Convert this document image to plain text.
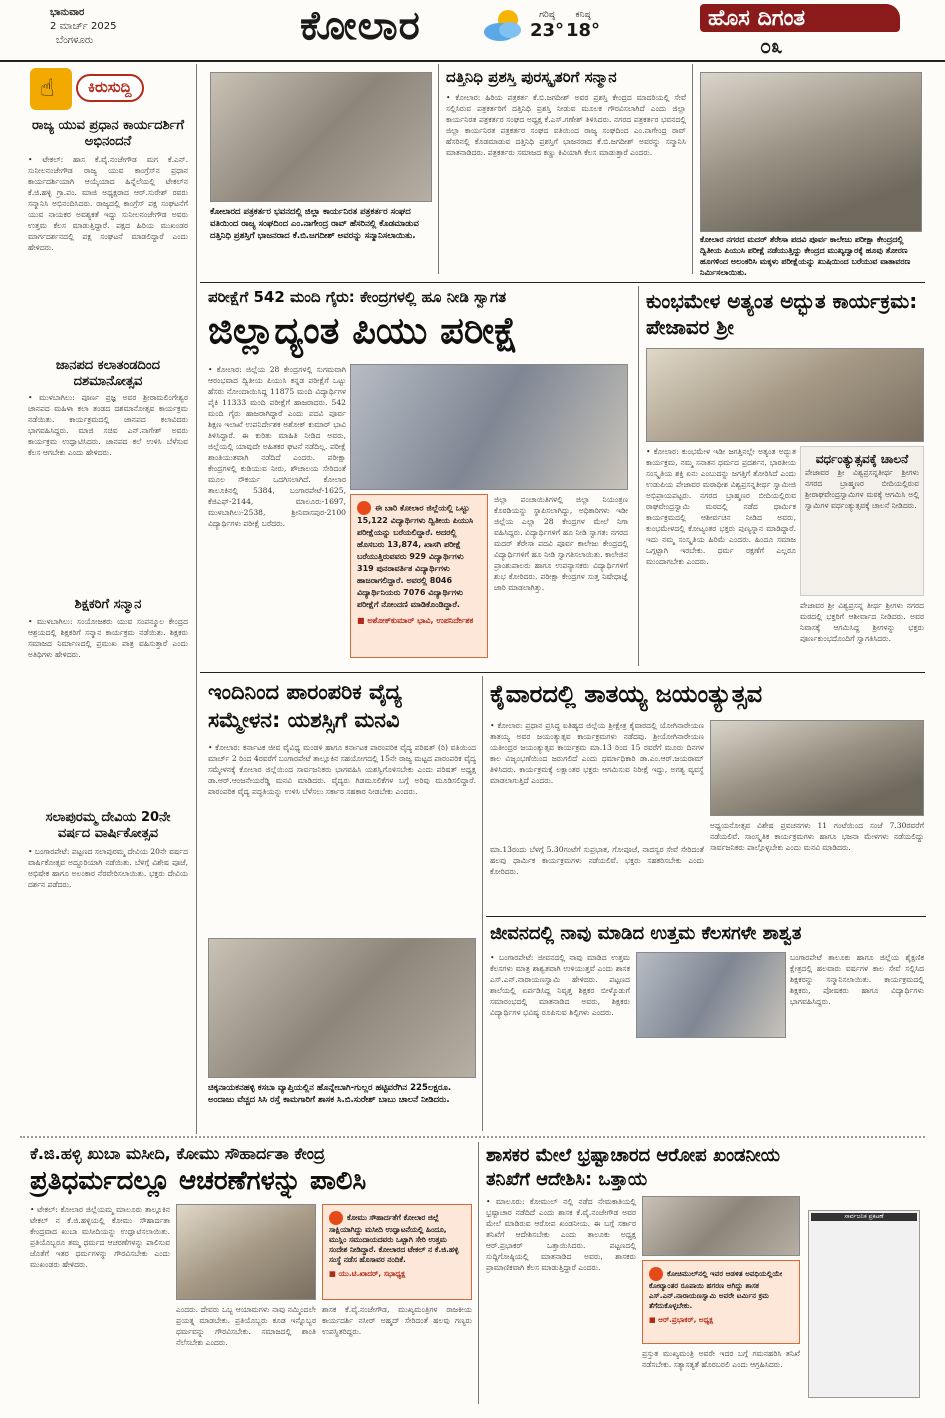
ಭಾನುವಾರ
2 ಮಾರ್ಚ್ 2025
ಬೆಂಗಳೂರು	ಕೋಲಾರ	ಗರಿಷ್ಠ
23°
ಕನಿಷ್ಠ
18°	ಹೊಸ ದಿಗಂತ
೦೩
☝	ಕಿರುಸುದ್ದಿ
ರಾಜ್ಯ ಯುವ ಪ್ರಧಾನ ಕಾರ್ಯದರ್ಶಿಗೆ ಅಭಿನಂದನೆ
• ಟೇಕಲ್: ಹಾಸ ಕೆ.ವೈ.ನಂಜೇಗೌಡ ಮಗ ಕೆ.ಎನ್. ಸುನೀಲನಂಜೇಗೌಡ ರಾಜ್ಯ ಯುವ ಕಾಂಗ್ರೆಸ್‌ನ ಪ್ರಧಾನ ಕಾರ್ಯದರ್ಶಿಯಾಗಿ ಆಯ್ಕೆಯಾದ ಹಿನ್ನೆಲೆಯಲ್ಲಿ ಟೇಕಲ್‌ನ ಕೆ.ಜಿ.ಹಳ್ಳಿ ಗ್ರಾ.ಪಂ. ಮಾಜಿ ಅಧ್ಯಕ್ಷರಾದ ಆರ್.ಸುರೇಶ್ ರವರು ಸನ್ಮಾನಿಸಿ ಅಭಿನಂದಿಸಿದರು. ರಾಜ್ಯದಲ್ಲಿ ಕಾಂಗ್ರೆಸ್ ಪಕ್ಷ ಸಂಘಟನೆಗೆ ಯುವ ನಾಯಕರ ಅವಶ್ಯಕತೆ ಇದ್ದು ಸುನೀಲನಂಜೇಗೌಡ ಅವರು ಉತ್ತಮ ಕೆಲಸ ಮಾಡುತ್ತಿದ್ದಾರೆ. ಪಕ್ಷದ ಹಿರಿಯ ಮುಖಂಡರ ಮಾರ್ಗದರ್ಶನದಲ್ಲಿ ಪಕ್ಷ ಸಂಘಟನೆ ಮಾಡಲಿದ್ದಾರೆ ಎಂದು ಹೇಳಿದರು.
ಜಾನಪದ ಕಲಾತಂಡದಿಂದ ದಶಮಾನೋತ್ಸವ
• ಮುಳಬಾಗಿಲು: ಪೂರ್ಣ ಪ್ರಜ್ಞ ಅವರ ಶ್ರೀರಾಮಲಿಂಗೇಶ್ವರ ಜಾನಪದ ಮಹಿಳಾ ಕಲಾ ತಂಡದ ದಶಮಾನೋತ್ಸವ ಕಾರ್ಯಕ್ರಮ ನಡೆಯಿತು. ಕಾರ್ಯಕ್ರಮದಲ್ಲಿ ಜಾನಪದ ಕಲಾವಿದರು ಭಾಗವಹಿಸಿದ್ದರು. ಮಾಜಿ ಸಚಿವ ಎನ್.ನಾಗೇಶ್ ಅವರು ಕಾರ್ಯಕ್ರಮ ಉದ್ಘಾಟಿಸಿದರು. ಜಾನಪದ ಕಲೆ ಉಳಿಸಿ ಬೆಳೆಸುವ ಕೆಲಸ ಆಗಬೇಕು ಎಂದು ಹೇಳಿದರು.
ಶಿಕ್ಷಕರಿಗೆ ಸನ್ಮಾನ
• ಮುಳಬಾಗಿಲು: ಸಂಯೋಜಕರು ಯುವ ಸಂಪನ್ಮೂಲ ಕೇಂದ್ರದ ಆಶ್ರಯದಲ್ಲಿ ಶಿಕ್ಷಕರಿಗೆ ಸನ್ಮಾನ ಕಾರ್ಯಕ್ರಮ ನಡೆಯಿತು. ಶಿಕ್ಷಕರು ಸಮಾಜದ ನಿರ್ಮಾಣದಲ್ಲಿ ಪ್ರಮುಖ ಪಾತ್ರ ವಹಿಸುತ್ತಾರೆ ಎಂದು ಅತಿಥಿಗಳು ಹೇಳಿದರು.
ಸಲಾಪುರಮ್ಮ ದೇವಿಯ 20ನೇ ವರ್ಷದ ವಾರ್ಷಿಕೋತ್ಸವ
• ಬಂಗಾರಪೇಟೆ: ಪಟ್ಟಣದ ಸಲಾಪುರಮ್ಮ ದೇವಿಯ 20ನೇ ವರ್ಷದ ವಾರ್ಷಿಕೋತ್ಸವ ಅದ್ದೂರಿಯಾಗಿ ನಡೆಯಿತು. ಬೆಳಿಗ್ಗೆ ವಿಶೇಷ ಪೂಜೆ, ಅಭಿಷೇಕ ಹಾಗೂ ಅಲಂಕಾರ ನೆರವೇರಿಸಲಾಯಿತು. ಭಕ್ತರು ದೇವಿಯ ದರ್ಶನ ಪಡೆದರು.
ಕೋಲಾರದ ಪತ್ರಕರ್ತರ ಭವನದಲ್ಲಿ ಜಿಲ್ಲಾ ಕಾರ್ಯನಿರತ ಪತ್ರಕರ್ತರ ಸಂಘದ ವತಿಯಿಂದ ರಾಜ್ಯ ಸಂಘದಿಂದ ಎಂ.ನಾಗೇಂದ್ರ ರಾವ್ ಹೆಸರಿನಲ್ಲಿ ಕೊಡಮಾಡುವ ದತ್ತಿನಿಧಿ ಪ್ರಶಸ್ತಿಗೆ ಭಾಜನರಾದ ಕೆ.ಬಿ.ಜಗದೀಶ್ ಅವರನ್ನು ಸನ್ಮಾನಿಸಲಾಯಿತು.
ದತ್ತಿನಿಧಿ ಪ್ರಶಸ್ತಿ ಪುರಸ್ಕೃತರಿಗೆ ಸನ್ಮಾನ
• ಕೋಲಾರ: ಹಿರಿಯ ಪತ್ರಕರ್ತ ಕೆ.ಬಿ.ಜಗದೀಶ್ ಅವರ ಪ್ರಶಸ್ತಿ ಕೇಂದ್ರದ ಮಾದರಿಯಲ್ಲಿ ಸೇವೆ ಸಲ್ಲಿಸಿರುವ ಪತ್ರಕರ್ತರಿಗೆ ದತ್ತಿನಿಧಿ ಪ್ರಶಸ್ತಿ ನೀಡುವ ಮೂಲಕ ಗೌರವಿಸಲಾಗಿದೆ ಎಂದು ಜಿಲ್ಲಾ ಕಾರ್ಯನಿರತ ಪತ್ರಕರ್ತರ ಸಂಘದ ಅಧ್ಯಕ್ಷ ಕೆ.ಎಸ್.ಗಣೇಶ್ ತಿಳಿಸಿದರು. ನಗರದ ಪತ್ರಕರ್ತರ ಭವನದಲ್ಲಿ ಜಿಲ್ಲಾ ಕಾರ್ಯನಿರತ ಪತ್ರಕರ್ತರ ಸಂಘದ ವತಿಯಿಂದ ರಾಜ್ಯ ಸಂಘದಿಂದ ಎಂ.ನಾಗೇಂದ್ರ ರಾವ್ ಹೆಸರಿನಲ್ಲಿ ಕೊಡಮಾಡುವ ದತ್ತಿನಿಧಿ ಪ್ರಶಸ್ತಿಗೆ ಭಾಜನರಾದ ಕೆ.ಬಿ.ಜಗದೀಶ್ ಅವರನ್ನು ಸನ್ಮಾನಿಸಿ ಮಾತನಾಡಿದರು. ಪತ್ರಕರ್ತರು ಸಮಾಜದ ಕಣ್ಣು ಕಿವಿಯಾಗಿ ಕೆಲಸ ಮಾಡುತ್ತಾರೆ ಎಂದರು.
ಕೋಲಾರ ನಗರದ ಮದರ್ ತೆರೇಸಾ ಪದವಿ ಪೂರ್ವ ಕಾಲೇಜು ಪರೀಕ್ಷಾ ಕೇಂದ್ರದಲ್ಲಿ ದ್ವಿತೀಯ ಪಿಯುಸಿ ಪರೀಕ್ಷೆ ನಡೆಯುತ್ತಿದ್ದು ಕೇಂದ್ರದ ಮುಖ್ಯದ್ವಾರಕ್ಕೆ ಹೂವು ತೋರಣ ಹೂಗಳಿಂದ ಅಲಂಕರಿಸಿ ಮಕ್ಕಳು ಪರೀಕ್ಷೆಯನ್ನು ಖುಷಿಯಿಂದ ಬರೆಯುವ ವಾತಾವರಣ ನಿರ್ಮಿಸಲಾಯಿತು.
ಪರೀಕ್ಷೆಗೆ 542 ಮಂದಿ ಗೈರು: ಕೇಂದ್ರಗಳಲ್ಲಿ ಹೂ ನೀಡಿ ಸ್ವಾಗತ
ಜಿಲ್ಲಾದ್ಯಂತ ಪಿಯು ಪರೀಕ್ಷೆ
• ಕೋಲಾರ: ಜಿಲ್ಲೆಯ 28 ಕೇಂದ್ರಗಳಲ್ಲಿ ಸುಗಮವಾಗಿ ಆರಂಭವಾದ ದ್ವಿತೀಯ ಪಿಯುಸಿ ಕನ್ನಡ ಪರೀಕ್ಷೆಗೆ ಒಟ್ಟು ಹೆಸರು ನೋಂದಾಯಿಸಿದ್ದ 11875 ಮಂದಿ ವಿದ್ಯಾರ್ಥಿಗಳ ಪೈಕಿ 11333 ಮಂದಿ ಪರೀಕ್ಷೆಗೆ ಹಾಜರಾದರು. 542 ಮಂದಿ ಗೈರು ಹಾಜರಾಗಿದ್ದಾರೆ ಎಂದು ಪದವಿ ಪೂರ್ವ ಶಿಕ್ಷಣ ಇಲಾಖೆ ಉಪನಿರ್ದೇಶಕ ಅಶೋಕ್ ಕುಮಾರ್ ಭಾವಿ ತಿಳಿಸಿದ್ದಾರೆ. ಈ ಕುರಿತು ಮಾಹಿತಿ ನೀಡಿದ ಅವರು, ಜಿಲ್ಲೆಯಲ್ಲಿ ಯಾವುದೇ ಅಹಿತಕರ ಘಟನೆ ನಡೆದಿಲ್ಲ. ಪರೀಕ್ಷೆ ಶಾಂತಿಯುತವಾಗಿ ನಡೆದಿದೆ ಎಂದರು. ಪರೀಕ್ಷಾ ಕೇಂದ್ರಗಳಲ್ಲಿ ಕುಡಿಯುವ ನೀರು, ಶೌಚಾಲಯ ಸೇರಿದಂತೆ ಮೂಲ ಸೌಕರ್ಯ ಒದಗಿಸಲಾಗಿದೆ. ಕೋಲಾರ ತಾಲೂಕಿನಲ್ಲಿ 5384, ಬಂಗಾರಪೇಟೆ-1625, ಕೆಜಿಎಫ್-2144, ಮಾಲೂರು-1697, ಮುಳಬಾಗಿಲು-2538, ಶ್ರೀನಿವಾಸಪುರ-2100 ವಿದ್ಯಾರ್ಥಿಗಳು ಪರೀಕ್ಷೆ ಬರೆದರು.
ಈ ಬಾರಿ ಕೋಲಾರ ಜಿಲ್ಲೆಯಲ್ಲಿ ಒಟ್ಟು 15,122 ವಿದ್ಯಾರ್ಥಿಗಳು ದ್ವಿತೀಯ ಪಿಯುಸಿ ಪರೀಕ್ಷೆಯನ್ನು ಬರೆಯಲಿದ್ದಾರೆ. ಅದರಲ್ಲಿ ಹೊಸಬರು 13,874, ಖಾಸಗಿ ಪರೀಕ್ಷೆ ಬರೆಯುತ್ತಿರುವವರು 929 ವಿದ್ಯಾರ್ಥಿಗಳು 319 ಪುನರಾವರ್ತಿತ ವಿದ್ಯಾರ್ಥಿಗಳು ಹಾಜರಾಗಲಿದ್ದಾರೆ. ಅವರಲ್ಲಿ 8046 ವಿದ್ಯಾರ್ಥಿನಿಯರು 7076 ವಿದ್ಯಾರ್ಥಿಗಳು ಪರೀಕ್ಷೆಗೆ ನೋಂದಣಿ ಮಾಡಿಕೊಂಡಿದ್ದಾರೆ.
■ ಅಶೋಕ್‌ಕುಮಾರ್ ಭಾವಿ, ಉಪನಿರ್ದೇಶಕ
ಜಿಲ್ಲಾ ಪಂಚಾಯಿತಿಗಳಲ್ಲಿ ಜಿಲ್ಲಾ ನಿಯಂತ್ರಣ ಕೊಠಡಿಯನ್ನು ಸ್ಥಾಪಿಸಲಾಗಿದ್ದು, ಅಧಿಕಾರಿಗಳು ಇಡೀ ಜಿಲ್ಲೆಯ ಎಲ್ಲಾ 28 ಕೇಂದ್ರಗಳ ಮೇಲೆ ನಿಗಾ ವಹಿಸಿದ್ದರು. ವಿದ್ಯಾರ್ಥಿಗಳಿಗೆ ಹೂ ನೀಡಿ ಸ್ವಾಗತ: ನಗರದ ಮದರ್ ತೆರೇಸಾ ಪದವಿ ಪೂರ್ವ ಕಾಲೇಜು ಕೇಂದ್ರದಲ್ಲಿ ವಿದ್ಯಾರ್ಥಿಗಳಿಗೆ ಹೂ ನೀಡಿ ಸ್ವಾಗತಿಸಲಾಯಿತು. ಕಾಲೇಜಿನ ಪ್ರಾಂಶುಪಾಲರು ಹಾಗೂ ಉಪನ್ಯಾಸಕರು ವಿದ್ಯಾರ್ಥಿಗಳಿಗೆ ಶುಭ ಕೋರಿದರು. ಪರೀಕ್ಷಾ ಕೇಂದ್ರಗಳ ಸುತ್ತ ನಿಷೇಧಾಜ್ಞೆ ಜಾರಿ ಮಾಡಲಾಗಿತ್ತು.
ಕುಂಭಮೇಳ ಅತ್ಯಂತ ಅದ್ಭುತ ಕಾರ್ಯಕ್ರಮ: ಪೇಜಾವರ ಶ್ರೀ
• ಕೋಲಾರ: ಕುಂಭಮೇಳ ಇಡೀ ಜಗತ್ತಿನಲ್ಲೇ ಅತ್ಯಂತ ಅದ್ಭುತ ಕಾರ್ಯಕ್ರಮ, ನಮ್ಮ ಸನಾತನ ಧರ್ಮದ ಪ್ರದರ್ಶನ, ಭಾರತೀಯ ಸಂಸ್ಕೃತಿಯ ಶಕ್ತಿ ಏನು ಎಂಬುದನ್ನು ಜಗತ್ತಿಗೆ ತೋರಿಸಿದೆ ಎಂದು ಉಡುಪಿಯ ಪೇಜಾವರ ಮಠಾಧೀಶ ವಿಶ್ವಪ್ರಸನ್ನತೀರ್ಥ ಸ್ವಾಮೀಜಿ ಅಭಿಪ್ರಾಯಪಟ್ಟರು. ನಗರದ ಬ್ರಾಹ್ಮಣರ ಬೀದಿಯಲ್ಲಿರುವ ರಾಘವೇಂದ್ರಸ್ವಾಮಿ ಮಠದಲ್ಲಿ ನಡೆದ ಧಾರ್ಮಿಕ ಕಾರ್ಯಕ್ರಮದಲ್ಲಿ ಆಶೀರ್ವಚನ ನೀಡಿದ ಅವರು, ಕುಂಭಮೇಳದಲ್ಲಿ ಕೋಟ್ಯಂತರ ಭಕ್ತರು ಪುಣ್ಯಸ್ನಾನ ಮಾಡಿದ್ದಾರೆ. ಇದು ನಮ್ಮ ಸಂಸ್ಕೃತಿಯ ಹಿರಿಮೆ ಎಂದರು. ಹಿಂದೂ ಸಮಾಜ ಒಗ್ಗಟ್ಟಾಗಿ ಇರಬೇಕು. ಧರ್ಮ ರಕ್ಷಣೆಗೆ ಎಲ್ಲರೂ ಮುಂದಾಗಬೇಕು ಎಂದರು.
ವರ್ಧಂತ್ಯುತ್ಸವಕ್ಕೆ ಚಾಲನೆ
ಪೇಜಾವರ ಶ್ರೀ ವಿಶ್ವಪ್ರಸನ್ನತೀರ್ಥ ಶ್ರೀಗಳು ನಗರದ ಬ್ರಾಹ್ಮಣರ ಬೀದಿಯಲ್ಲಿರುವ ಶ್ರೀರಾಘವೇಂದ್ರಸ್ವಾಮಿಗಳ ಮಠಕ್ಕೆ ಆಗಮಿಸಿ ಅಲ್ಲಿ ಸ್ವಾಮಿಗಳ ವರ್ಧಂತ್ಯುತ್ಸವಕ್ಕೆ ಚಾಲನೆ ನೀಡಿದರು.
ಪೇಜಾವರ ಶ್ರೀ ವಿಶ್ವಪ್ರಸನ್ನ ತೀರ್ಥ ಶ್ರೀಗಳು ನಗರದ ಮಠದಲ್ಲಿ ಭಕ್ತರಿಗೆ ಆಶೀರ್ವಾದ ನೀಡಿದರು. ಅವರ ನಿವಾಸಕ್ಕೆ ಆಗಮಿಸಿದ್ದ ಶ್ರೀಗಳನ್ನು ಭಕ್ತರು ಪೂರ್ಣಕುಂಭದೊಂದಿಗೆ ಸ್ವಾಗತಿಸಿದರು.
ಇಂದಿನಿಂದ ಪಾರಂಪರಿಕ ವೈದ್ಯ ಸಮ್ಮೇಳನ: ಯಶಸ್ಸಿಗೆ ಮನವಿ
• ಕೋಲಾರ: ಕರ್ನಾಟಕ ಜೀವ ವೈವಿಧ್ಯ ಮಂಡಳಿ ಹಾಗೂ ಕರ್ನಾಟಕ ಪಾರಂಪರಿಕ ವೈದ್ಯ ಪರಿಷತ್ (ರಿ) ವತಿಯಿಂದ ಮಾರ್ಚ್ 2 ರಿಂದ 4ರವರೆಗೆ ಬಂಗಾರಪೇಟೆ ತಾಲ್ಲೂಕಿನ ಸಹಯೋಗದಲ್ಲಿ 15ನೇ ರಾಜ್ಯ ಮಟ್ಟದ ಪಾರಂಪರಿಕ ವೈದ್ಯ ಸಮ್ಮೇಳನಕ್ಕೆ ಕೋಲಾರ ಜಿಲ್ಲೆಯಿಂದ ಸಾರ್ವಜನಿಕರು ಭಾಗವಹಿಸಿ ಯಶಸ್ವಿಗೊಳಿಸಬೇಕು ಎಂದು ಪರಿಷತ್ ಅಧ್ಯಕ್ಷ ಡಾ.ಆರ್.ಆಂಜನೇಯರೆಡ್ಡಿ ಮನವಿ ಮಾಡಿದರು. ವೈದ್ಯರು ಗಿಡಮೂಲಿಕೆಗಳ ಬಗ್ಗೆ ಅರಿವು ಮೂಡಿಸಲಿದ್ದಾರೆ. ಪಾರಂಪರಿಕ ವೈದ್ಯ ಪದ್ಧತಿಯನ್ನು ಉಳಿಸಿ ಬೆಳೆಸಲು ಸರ್ಕಾರ ಸಹಕಾರ ನೀಡಬೇಕು ಎಂದರು.
ಚಿಕ್ಕನಾಯಕನಹಳ್ಳಿ ಕಸಬಾ ವ್ಯಾಪ್ತಿಯಲ್ಲಿನ ಹೊನ್ನೇಬಾಗಿ-ಗುಲ್ಲರ ಹಟ್ಟಿವರೆಗಿನ 225ಲಕ್ಷರೂ. ಅಂದಾಜು ವೆಚ್ಚದ ಸಿಸಿ ರಸ್ತೆ ಕಾಮಗಾರಿಗೆ ಶಾಸಕ ಸಿ.ಬಿ.ಸುರೇಶ್ ಬಾಬು ಚಾಲನೆ ನೀಡಿದರು.
ಕೈವಾರದಲ್ಲಿ ತಾತಯ್ಯ ಜಯಂತ್ಯುತ್ಸವ
• ಕೋಲಾರ: ಪ್ರಧಾನ ಪ್ರಸಿದ್ಧ ಐತಿಹ್ಯದ ಜಿಲ್ಲೆಯ ಶ್ರೀಕ್ಷೇತ್ರ ಕೈವಾರದಲ್ಲಿ ಯೋಗಿನಾರೇಯಣ ತಾತಯ್ಯ ಅವರ ಜಯಂತ್ಯುತ್ಸವ ಕಾರ್ಯಕ್ರಮಗಳು ನಡೆದವು. ಶ್ರೀಯೋಗಿನಾರೇಯಣ ಯತೀಂದ್ರರ ಜಯಂತ್ಯುತ್ಸವ ಕಾರ್ಯಕ್ರಮ ಮಾ.13 ರಿಂದ 15 ರವರೆಗೆ ಮೂರು ದಿನಗಳ ಕಾಲ ವಿಜೃಂಭಣೆಯಿಂದ ಜರುಗಲಿದೆ ಎಂದು ಧರ್ಮಾಧಿಕಾರಿ ಡಾ.ಎಂ.ಆರ್.ಜಯರಾಮ್ ತಿಳಿಸಿದರು. ಕಾರ್ಯಕ್ರಮಕ್ಕೆ ಲಕ್ಷಾಂತರ ಭಕ್ತರು ಆಗಮಿಸುವ ನಿರೀಕ್ಷೆ ಇದ್ದು, ಅಗತ್ಯ ವ್ಯವಸ್ಥೆ ಮಾಡಲಾಗುತ್ತಿದೆ ಎಂದರು.
ಮಾ.13ರಂದು ಬೆಳಗ್ಗೆ 5.30ಗಂಟೆಗೆ ಸುಪ್ರಭಾತ, ಗೋಪೂಜೆ, ನಾದಸ್ವರ ಸೇವೆ ಸೇರಿದಂತೆ ಹಲವು ಧಾರ್ಮಿಕ ಕಾರ್ಯಕ್ರಮಗಳು ನಡೆಯಲಿವೆ. ಭಕ್ತರು ಸಹಕರಿಸಬೇಕು ಎಂದು ಕೋರಿದರು.
ಅಧ್ಯಯನೋತ್ಸವ ವಿಶೇಷ ಪ್ರವಚನಗಳು 11 ಗಂಟೆಯಿಂದ ಸಂಜೆ 7.30ರವರೆಗೆ ನಡೆಯಲಿವೆ. ಸಾಂಸ್ಕೃತಿಕ ಕಾರ್ಯಕ್ರಮಗಳು ಹಾಗೂ ಭಜನಾ ಮೇಳಗಳು ನಡೆಯಲಿದ್ದು ಸಾರ್ವಜನಿಕರು ಪಾಲ್ಗೊಳ್ಳಬೇಕು ಎಂದು ಮನವಿ ಮಾಡಿದರು.
ಜೀವನದಲ್ಲಿ ನಾವು ಮಾಡಿದ ಉತ್ತಮ ಕೆಲಸಗಳೇ ಶಾಶ್ವತ
• ಬಂಗಾರಪೇಟೆ: ಜೀವನದಲ್ಲಿ ನಾವು ಮಾಡಿದ ಉತ್ತಮ ಕೆಲಸಗಳು ಮಾತ್ರ ಶಾಶ್ವತವಾಗಿ ಉಳಿಯುತ್ತವೆ ಎಂದು ಶಾಸಕ ಎಸ್.ಎನ್.ನಾರಾಯಣಸ್ವಾಮಿ ಹೇಳಿದರು. ಪಟ್ಟಣದ ಶಾಲೆಯಲ್ಲಿ ಏರ್ಪಡಿಸಿದ್ದ ನಿವೃತ್ತ ಶಿಕ್ಷಕರ ಬೀಳ್ಕೊಡುಗೆ ಸಮಾರಂಭದಲ್ಲಿ ಮಾತನಾಡಿದ ಅವರು, ಶಿಕ್ಷಕರು ವಿದ್ಯಾರ್ಥಿಗಳ ಭವಿಷ್ಯ ರೂಪಿಸುವ ಶಿಲ್ಪಿಗಳು ಎಂದರು.
ಬಂಗಾರಪೇಟೆ ತಾಲೂಕು ಹಾಗೂ ಜಿಲ್ಲೆಯ ಶೈಕ್ಷಣಿಕ ಕ್ಷೇತ್ರದಲ್ಲಿ ಹಲವಾರು ವರ್ಷಗಳ ಕಾಲ ಸೇವೆ ಸಲ್ಲಿಸಿದ ಶಿಕ್ಷಕರನ್ನು ಸನ್ಮಾನಿಸಲಾಯಿತು. ಕಾರ್ಯಕ್ರಮದಲ್ಲಿ ಶಿಕ್ಷಕರು, ಪೋಷಕರು ಹಾಗೂ ವಿದ್ಯಾರ್ಥಿಗಳು ಭಾಗವಹಿಸಿದ್ದರು.
ಕೆ.ಜಿ.ಹಳ್ಳಿ ಖುಬಾ ಮಸೀದಿ, ಕೋಮು ಸೌಹಾರ್ದತಾ ಕೇಂದ್ರ
ಪ್ರತಿಧರ್ಮದಲ್ಲೂ ಆಚರಣೆಗಳನ್ನು ಪಾಲಿಸಿ
• ಟೇಕಲ್: ಕೋಲಾರ ಜಿಲ್ಲೆಯಮ್ಮ ಮಾಲೂರು ತಾಲ್ಲೂಕಿನ ಟೇಕಲ್ ನ ಕೆ.ಜಿ.ಹಳ್ಳಿಯಲ್ಲಿ ಕೋಮು ಸೌಹಾರ್ದತಾ ಕೇಂದ್ರವಾದ ಖುಬಾ ಮಸೀದಿಯನ್ನು ಉದ್ಘಾಟಿಸಲಾಯಿತು. ಪ್ರತಿಯೊಬ್ಬರೂ ತಮ್ಮ ಧರ್ಮದ ಆಚರಣೆಗಳನ್ನು ಪಾಲಿಸುವ ಜೊತೆಗೆ ಇತರ ಧರ್ಮಗಳನ್ನು ಗೌರವಿಸಬೇಕು ಎಂದು ಮುಖಂಡರು ಹೇಳಿದರು.
ಕೋಮು ಸೌಹಾರ್ದತೆಗೆ ಕೋಲಾರ ಜಿಲ್ಲೆ ಸಾಕ್ಷಿಯಾಗಿದ್ದು ಮಸೀದಿ ಉದ್ಘಾಟನೆಯಲ್ಲಿ ಹಿಂದೂ, ಮುಸ್ಲಿಂ ಸಮುದಾಯದವರು ಒಟ್ಟಾಗಿ ಸೇರಿ ಉತ್ತಮ ಸಂದೇಶ ನೀಡಿದ್ದಾರೆ. ಕೋಲಾರದ ಟೇಕಲ್ ನ ಕೆ.ಜಿ.ಹಳ್ಳಿ ಸಂಸ್ಥೆ ನಡೆಸ ಹೊಸಾವರ ನಂದಿಕೆ.
■ ಯು.ಟಿ.ಖಾದರ್, ಸಭಾಧ್ಯಕ್ಷ
ಎಂದರು. ದೇವರು ಒಬ್ಬ ಆಯಾಮಗಳು ನಾವು ನಮ್ಮಿಂದಲೇ ಪ್ರಯತ್ನ ಮಾಡಬೇಕು. ಪ್ರತಿಯೊಬ್ಬರು ಕೂಡ ಇನ್ನೊಬ್ಬರ ಧರ್ಮವನ್ನು ಗೌರವಿಸಬೇಕು. ಸಮಾಜದಲ್ಲಿ ಶಾಂತಿ ನೆಲೆಸಬೇಕು ಎಂದರು.
ಶಾಸಕ ಕೆ.ವೈ.ನಂಜೇಗೌಡ, ಮುಖ್ಯಮಂತ್ರಿಗಳ ರಾಜಕೀಯ ಕಾರ್ಯದರ್ಶಿ ನಸೀರ್ ಅಹ್ಮದ್ ಸೇರಿದಂತೆ ಹಲವು ಗಣ್ಯರು ಉಪಸ್ಥಿತರಿದ್ದರು.
ಶಾಸಕರ ಮೇಲೆ ಭ್ರಷ್ಟಾಚಾರದ ಆರೋಪ ಖಂಡನೀಯ ತನಿಖೆಗೆ ಆದೇಶಿಸಿ: ಒತ್ತಾಯ
• ಮಾಲೂರು: ಕೋಮುಲ್ ನಲ್ಲಿ ನಡೆದ ನೇಮಕಾತಿಯಲ್ಲಿ ಭ್ರಷ್ಟಾಚಾರ ನಡೆದಿದೆ ಎಂದು ಶಾಸಕ ಕೆ.ವೈ.ನಂಜೇಗೌಡ ಅವರ ಮೇಲೆ ಮಾಡಿರುವ ಆರೋಪ ಖಂಡನೀಯ. ಈ ಬಗ್ಗೆ ಸರ್ಕಾರ ತನಿಖೆಗೆ ಆದೇಶಿಸಬೇಕು ಎಂದು ತಾಲೂಕು ಅಧ್ಯಕ್ಷ ಆರ್.ಪ್ರಭಾಕರ್ ಒತ್ತಾಯಿಸಿದರು. ಪಟ್ಟಣದಲ್ಲಿ ಸುದ್ದಿಗೋಷ್ಠಿಯಲ್ಲಿ ಮಾತನಾಡಿದ ಅವರು, ಶಾಸಕರು ಪ್ರಾಮಾಣಿಕವಾಗಿ ಕೆಲಸ ಮಾಡುತ್ತಿದ್ದಾರೆ ಎಂದರು.
ಕೋಚಿಮುಲ್‌ನಲ್ಲಿ ಇವರ ಆಡಳಿತ ಅವಧಿಯಲ್ಲಿಯೇ ಕೋಟ್ಯಾಂತರ ರೂಪಾಯಿ ಹಗರಣ ಆಗಿದ್ದು ಶಾಸಕ ಎಸ್.ಎನ್.ನಾರಾಯಣಸ್ವಾಮಿ ಅವರೇ ಟರ್ಮಿನ ಕ್ರಮ ತೆಗೆದುಕೊಳ್ಳಬೇಕು.
■ ಆರ್.ಪ್ರಭಾಕರ್, ಅಧ್ಯಕ್ಷ
ಪ್ರಸ್ತುತ ಮುಖ್ಯಮಂತ್ರಿ ಅವರೇ ಇದರ ಬಗ್ಗೆ ಗಮನಹರಿಸಿ ತನಿಖೆ ನಡೆಸಬೇಕು. ಸತ್ಯಾಸತ್ಯತೆ ಹೊರಬರಲಿ ಎಂದು ಆಗ್ರಹಿಸಿದರು.
ಸಾರ್ವಜನಿಕ ಪ್ರಕಟಣೆ
